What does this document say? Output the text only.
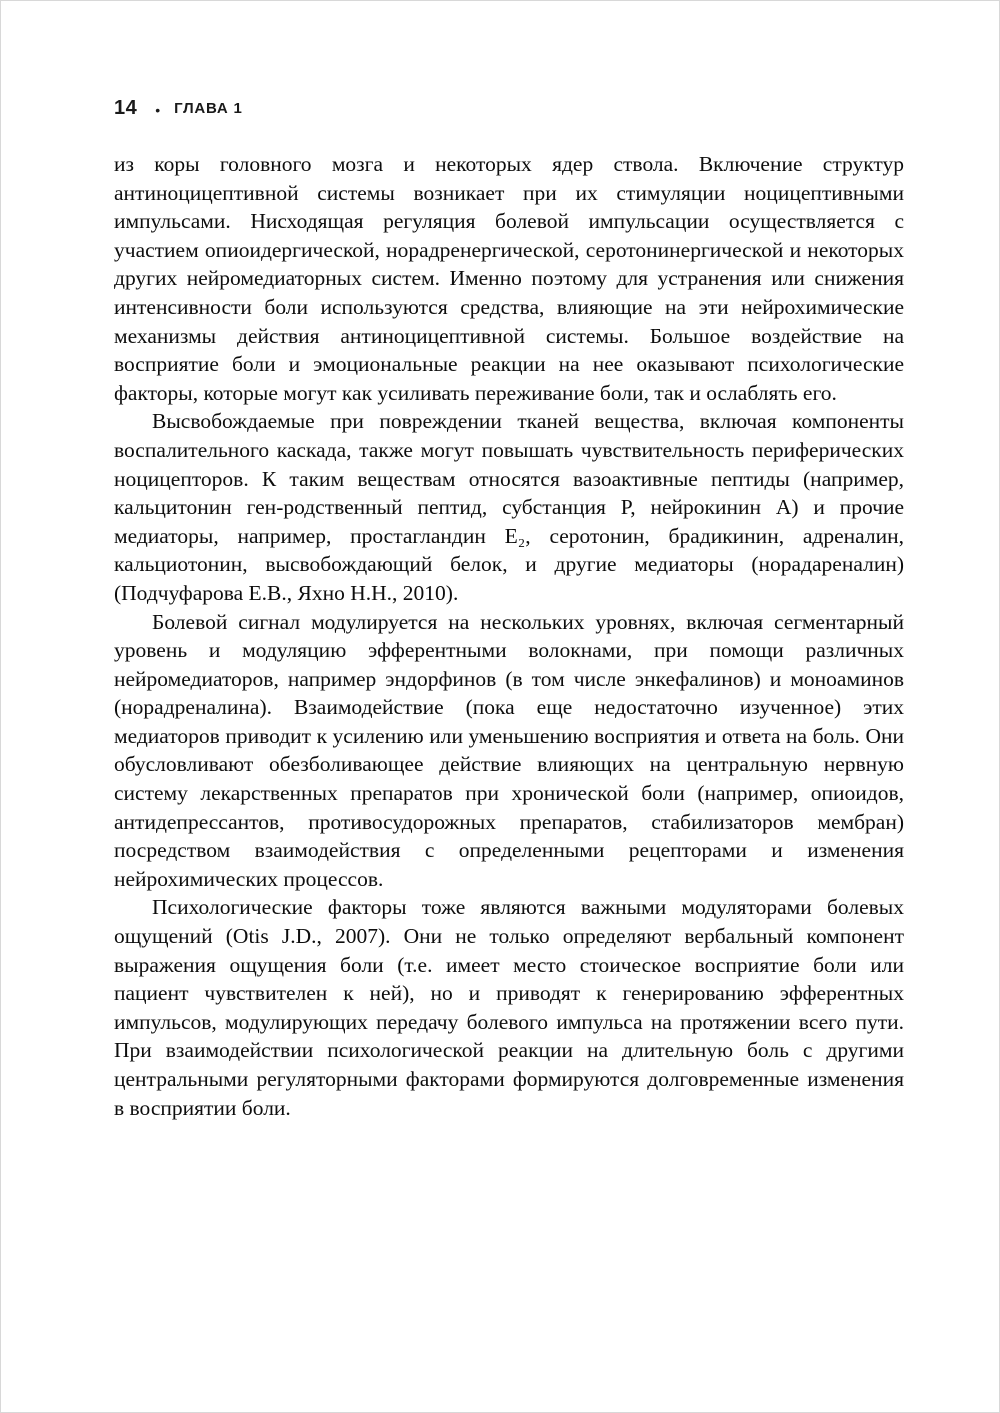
14 • ГЛАВА 1

из коры головного мозга и некоторых ядер ствола. Включение структур антиноцицептивной системы возникает при их стимуляции ноцицептивными импульсами. Нисходящая регуляция болевой импульсации осуществляется с участием опиоидергической, норадренергической, серотонинергической и некоторых других нейромедиаторных систем. Именно поэтому для устранения или снижения интенсивности боли используются средства, влияющие на эти нейрохимические механизмы действия антиноцицептивной системы. Большое воздействие на восприятие боли и эмоциональные реакции на нее оказывают психологические факторы, которые могут как усиливать переживание боли, так и ослаблять его.

Высвобождаемые при повреждении тканей вещества, включая компоненты воспалительного каскада, также могут повышать чувствительность периферических ноцицепторов. К таким веществам относятся вазоактивные пептиды (например, кальцитонин ген-родственный пептид, субстанция P, нейрокинин A) и прочие медиаторы, например, простагландин E₂, серотонин, брадикинин, адреналин, кальциотонин, высвобождающий белок, и другие медиаторы (норадареналин) (Подчуфарова Е.В., Яхно Н.Н., 2010).

Болевой сигнал модулируется на нескольких уровнях, включая сегментарный уровень и модуляцию эфферентными волокнами, при помощи различных нейромедиаторов, например эндорфинов (в том числе энкефалинов) и моноаминов (норадреналина). Взаимодействие (пока еще недостаточно изученное) этих медиаторов приводит к усилению или уменьшению восприятия и ответа на боль. Они обусловливают обезболивающее действие влияющих на центральную нервную систему лекарственных препаратов при хронической боли (например, опиоидов, антидепрессантов, противосудорожных препаратов, стабилизаторов мембран) посредством взаимодействия с определенными рецепторами и изменения нейрохимических процессов.

Психологические факторы тоже являются важными модуляторами болевых ощущений (Otis J.D., 2007). Они не только определяют вербальный компонент выражения ощущения боли (т.е. имеет место стоическое восприятие боли или пациент чувствителен к ней), но и приводят к генерированию эфферентных импульсов, модулирующих передачу болевого импульса на протяжении всего пути. При взаимодействии психологической реакции на длительную боль с другими центральными регуляторными факторами формируются долговременные изменения в восприятии боли.
